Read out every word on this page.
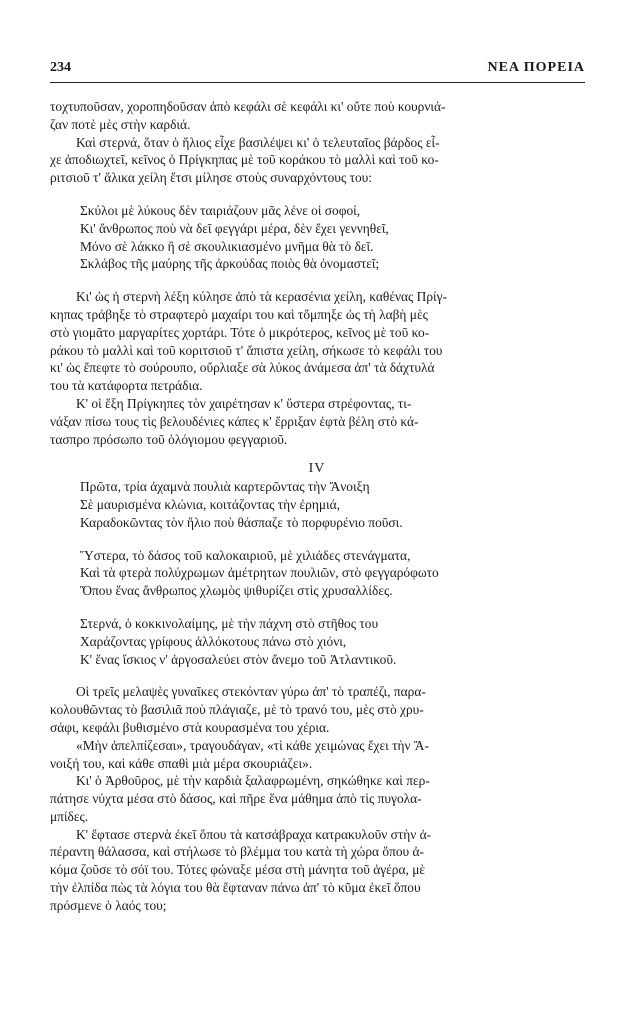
234	ΝΕΑ ΠΟΡΕΙΑ

τοχτυποῦσαν, χοροπηδοῦσαν ἀπὸ κεφάλι σὲ κεφάλι κι' οὔτε ποὺ κουρνιά-

ζαν ποτὲ μὲς στὴν καρδιά.

Καὶ στερνά, ὅταν ὁ ἥλιος εἶχε βασιλέψει κι' ὁ τελευταῖος βάρδος εἶ-

χε ἀποδιωχτεῖ, κεῖνος ὁ Πρίγκηπας μὲ τοῦ κοράκου τὸ μαλλὶ καὶ τοῦ κο-

ριτσιοῦ τ' ἄλικα χείλη ἔτσι μίλησε στοὺς συναρχόντους του:

Σκύλοι μὲ λύκους δὲν ταιριάζουν μᾶς λένε οἱ σοφοί,

Κι' ἄνθρωπος ποὺ νὰ δεῖ φεγγάρι μέρα, δὲν ἔχει γεννηθεῖ,

Μόνο σὲ λάκκο ἢ σὲ σκουλικιασμένο μνῆμα θὰ τὸ δεῖ.

Σκλάβος τῆς μαύρης τῆς ἀρκούδας ποιὸς θὰ ὀνομαστεῖ;

Κι' ὡς ἡ στερνὴ λέξη κύλησε ἀπὸ τὰ κερασένια χείλη, καθένας Πρίγ-

κηπας τράβηξε τὸ στραφτερὸ μαχαίρι του καὶ τὄμπηξε ὡς τὴ λαβὴ μὲς

στὸ γιομᾶτο μαργαρίτες χορτάρι. Τότε ὁ μικρότερος, κεῖνος μὲ τοῦ κο-

ράκου τὸ μαλλὶ καὶ τοῦ κοριτσιοῦ τ' ἄπιστα χείλη, σήκωσε τὸ κεφάλι του

κι' ὡς ἔπεφτε τὸ σούρουπο, οὔρλιαξε σὰ λύκος ἀνάμεσα ἀπ' τὰ δάχτυλά

του τὰ κατάφορτα πετράδια.

Κ' οἱ ἕξη Πρίγκηπες τὸν χαιρέτησαν κ' ὕστερα στρέφοντας, τι-

νάξαν πίσω τους τὶς βελουδένιες κάπες κ' ἔρριξαν ἑφτὰ βέλη στὸ κά-

τασπρο πρόσωπο τοῦ ὁλόγιομου φεγγαριοῦ.

IV

Πρῶτα, τρία ἀχαμνὰ πουλιὰ καρτερῶντας τὴν Ἄνοιξη

Σὲ μαυρισμένα κλώνια, κοιτάζοντας τὴν ἐρημιά,

Καραδοκῶντας τὸν ἥλιο ποὺ θάσπαζε τὸ πορφυρένιο ποῦσι.

Ὕστερα, τὸ δάσος τοῦ καλοκαιριοῦ, μὲ χιλιάδες στενάγματα,

Καὶ τὰ φτερὰ πολύχρωμων ἀμέτρητων πουλιῶν, στὸ φεγγαρόφωτο

Ὅπου ἕνας ἄνθρωπος χλωμὸς ψιθυρίζει στὶς χρυσαλλίδες.

Στερνά, ὁ κοκκινολαίμης, μὲ τὴν πάχνη στὸ στῆθος του

Χαράζοντας γρίφους ἀλλόκοτους πάνω στὸ χιόνι,

Κ' ἕνας ἴσκιος ν' ἀργοσαλεύει στὸν ἄνεμο τοῦ Ἀτλαντικοῦ.

Οἱ τρεῖς μελαψὲς γυναῖκες στεκόνταν γύρω ἀπ' τὸ τραπέζι, παρα-

κολουθῶντας τὸ βασιλιᾶ ποὺ πλάγιαζε, μὲ τὸ τρανό του, μὲς στὸ χρυ-

σάφι, κεφάλι βυθισμένο στὰ κουρασμένα του χέρια.

«Μὴν ἀπελπίζεσαι», τραγουδάγαν, «τὶ κάθε χειμώνας ἔχει τὴν Ἄ-

νοιξή του, καὶ κάθε σπαθὶ μιὰ μέρα σκουριάζει».

Κι' ὁ Ἀρθοῦρος, μὲ τὴν καρδιὰ ξαλαφρωμένη, σηκώθηκε καὶ περ-

πάτησε νύχτα μέσα στὸ δάσος, καὶ πῆρε ἕνα μάθημα ἀπὸ τὶς πυγολα-

μπίδες.

Κ' ἔφτασε στερνὰ ἐκεῖ ὅπου τὰ κατσάβραχα κατρακυλοῦν στὴν ἀ-

πέραντη θάλασσα, καὶ στήλωσε τὸ βλέμμα του κατὰ τὴ χώρα ὅπου ἀ-

κόμα ζοῦσε τὸ σόϊ του. Τότες φώναξε μέσα στὴ μάνητα τοῦ ἀγέρα, μὲ

τὴν ἐλπίδα πὼς τὰ λόγια του θὰ ἔφταναν πάνω ἀπ' τὸ κῦμα ἐκεῖ ὅπου

πρόσμενε ὁ λαός του;
